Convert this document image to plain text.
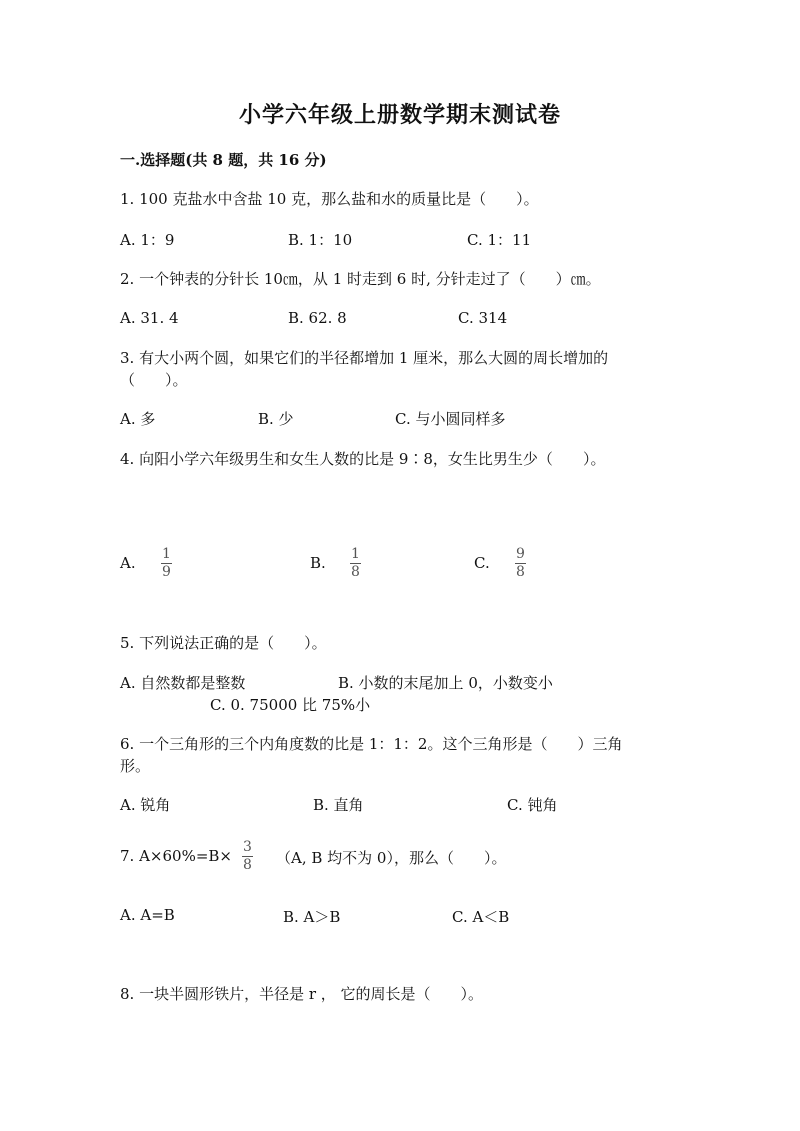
小学六年级上册数学期末测试卷
一.选择题(共 8 题，共 16 分)
1. 100 克盐水中含盐 10 克，那么盐和水的质量比是（　　）。
A. 1：9	B. 1：10	C. 1：11
2. 一个钟表的分针长 10㎝，从 1 时走到 6 时, 分针走过了（　　）㎝。
A. 31. 4	B. 62. 8	C. 314
3. 有大小两个圆，如果它们的半径都增加 1 厘米，那么大圆的周长增加的
（　　）。
A. 多	B. 少	C. 与小圆同样多
4. 向阳小学六年级男生和女生人数的比是 9∶8，女生比男生少（　　）。
A. 1
9	B. 1
8	C. 9
8
5. 下列说法正确的是（　　）。
A. 自然数都是整数	B. 小数的末尾加上 0，小数变小
C. 0. 75000 比 75%小
6. 一个三角形的三个内角度数的比是 1：1：2。这个三角形是（　　）三角
形。
A. 锐角	B. 直角	C. 钝角
7. A×60%=B× 3
8 （A, B 均不为 0），那么（　　）。
A. A=B	B. A＞B	C. A＜B
8. 一块半圆形铁片，半径是 r ， 它的周长是（　　）。
